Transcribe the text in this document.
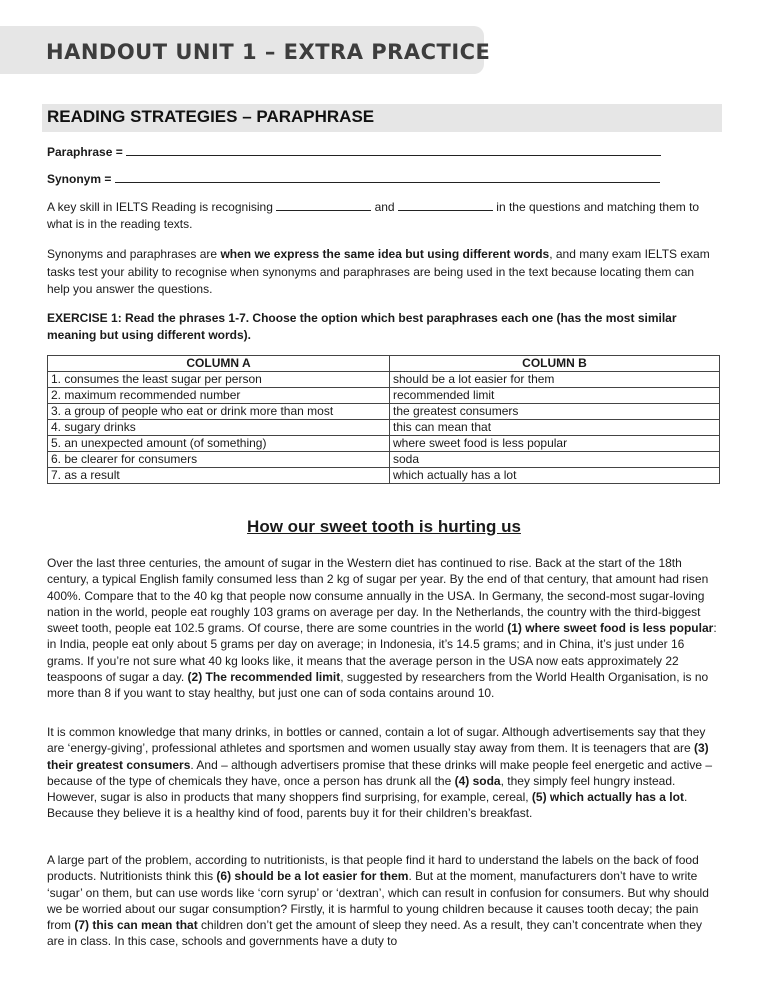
HANDOUT UNIT 1 – EXTRA PRACTICE
READING STRATEGIES – PARAPHRASE
Paraphrase =
Synonym =

A key skill in IELTS Reading is recognising	and	in the questions and matching them to what is in the reading texts.

Synonyms and paraphrases are when we express the same idea but using different words, and many exam IELTS exam tasks test your ability to recognise when synonyms and paraphrases are being used in the text because locating them can help you answer the questions.

EXERCISE 1: Read the phrases 1-7. Choose the option which best paraphrases each one (has the most similar meaning but using different words).
COLUMN A	COLUMN B
1. consumes the least sugar per person	should be a lot easier for them
2. maximum recommended number	recommended limit
3. a group of people who eat or drink more than most	the greatest consumers
4. sugary drinks	this can mean that
5. an unexpected amount (of something)	where sweet food is less popular
6. be clearer for consumers	soda
7. as a result	which actually has a lot
How our sweet tooth is hurting us

Over the last three centuries, the amount of sugar in the Western diet has continued to rise. Back at the start of the 18th century, a typical English family consumed less than 2 kg of sugar per year. By the end of that century, that amount had risen 400%. Compare that to the 40 kg that people now consume annually in the USA. In Germany, the second-most sugar-loving nation in the world, people eat roughly 103 grams on average per day. In the Netherlands, the country with the third-biggest sweet tooth, people eat 102.5 grams. Of course, there are some countries in the world (1) where sweet food is less popular: in India, people eat only about 5 grams per day on average; in Indonesia, it’s 14.5 grams; and in China, it’s just under 16 grams. If you’re not sure what 40 kg looks like, it means that the average person in the USA now eats approximately 22 teaspoons of sugar a day. (2) The recommended limit, suggested by researchers from the World Health Organisation, is no more than 8 if you want to stay healthy, but just one can of soda contains around 10.

It is common knowledge that many drinks, in bottles or canned, contain a lot of sugar. Although advertisements say that they are ‘energy-giving’, professional athletes and sportsmen and women usually stay away from them. It is teenagers that are (3) their greatest consumers. And – although advertisers promise that these drinks will make people feel energetic and active – because of the type of chemicals they have, once a person has drunk all the (4) soda, they simply feel hungry instead. However, sugar is also in products that many shoppers find surprising, for example, cereal, (5) which actually has a lot. Because they believe it is a healthy kind of food, parents buy it for their children’s breakfast.

A large part of the problem, according to nutritionists, is that people find it hard to understand the labels on the back of food products. Nutritionists think this (6) should be a lot easier for them. But at the moment, manufacturers don’t have to write ‘sugar’ on them, but can use words like ‘corn syrup’ or ‘dextran’, which can result in confusion for consumers. But why should we be worried about our sugar consumption? Firstly, it is harmful to young children because it causes tooth decay; the pain from (7) this can mean that children don’t get the amount of sleep they need. As a result, they can’t concentrate when they are in class. In this case, schools and governments have a duty to
